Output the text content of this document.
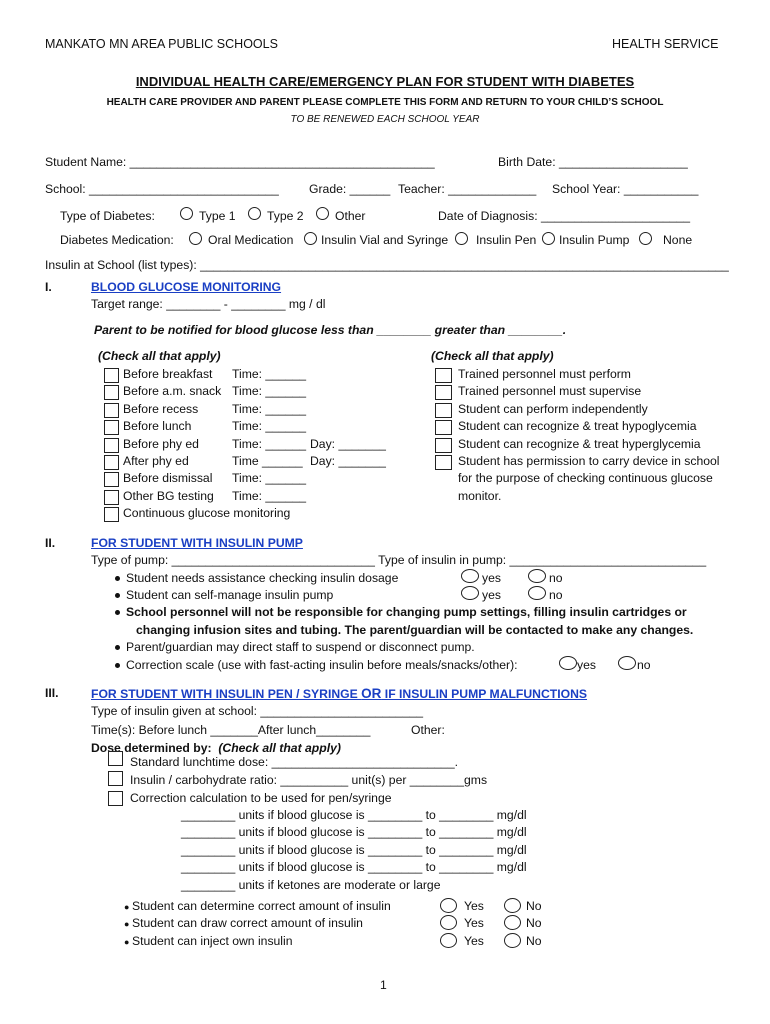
MANKATO MN AREA PUBLIC SCHOOLS	HEALTH SERVICE
INDIVIDUAL HEALTH CARE/EMERGENCY PLAN FOR STUDENT WITH DIABETES
HEALTH CARE PROVIDER AND PARENT PLEASE COMPLETE THIS FORM AND RETURN TO YOUR CHILD’S SCHOOL
TO BE RENEWED EACH SCHOOL YEAR
Student Name: _____________________________________________	Birth Date: ___________________
School: ____________________________ Grade: ______ Teacher: _____________ School Year: ___________
Type of Diabetes:	Type 1	Type 2	Other	Date of Diagnosis: ______________________
Diabetes Medication:	Oral Medication Insulin Vial and Syringe Insulin Pen Insulin Pump	None
Insulin at School (list types): ______________________________________________________________________________
I.	BLOOD GLUCOSE MONITORING
Target range: ________ - ________ mg / dl
Parent to be notified for blood glucose less than ________ greater than ________.
(Check all that apply)	(Check all that apply)
Before breakfast Time: ______
Before a.m. snack Time: ______
Before recess	Time: ______
Before lunch	Time: ______
Before phy ed	Time: ______ Day: _______
After phy ed	Time ______ Day: _______
Before dismissal Time: ______
Other BG testing Time: ______
Continuous glucose monitoring
Trained personnel must perform
Trained personnel must supervise
Student can perform independently
Student can recognize & treat hypoglycemia
Student can recognize & treat hyperglycemia
Student has permission to carry device in school
for the purpose of checking continuous glucose
monitor.
II.	FOR STUDENT WITH INSULIN PUMP
Type of pump: ______________________________ Type of insulin in pump: _____________________________
Student needs assistance checking insulin dosage	yes	no
Student can self-manage insulin pump	yes	no
School personnel will not be responsible for changing pump settings, filling insulin cartridges or
changing infusion sites and tubing. The parent/guardian will be contacted to make any changes.
Parent/guardian may direct staff to suspend or disconnect pump.
Correction scale (use with fast-acting insulin before meals/snacks/other):	yes	no
III.	FOR STUDENT WITH INSULIN PEN / SYRINGE OR IF INSULIN PUMP MALFUNCTIONS
Type of insulin given at school: ________________________
Time(s): Before lunch _______After lunch________	Other:
Dose determined by: (Check all that apply)
Standard lunchtime dose: ___________________________.
Insulin / carbohydrate ratio: __________ unit(s) per ________gms
Correction calculation to be used for pen/syringe
________ units if blood glucose is ________ to ________ mg/dl
________ units if blood glucose is ________ to ________ mg/dl
________ units if blood glucose is ________ to ________ mg/dl
________ units if blood glucose is ________ to ________ mg/dl
________ units if ketones are moderate or large
● Student can determine correct amount of insulin	Yes	No
● Student can draw correct amount of insulin	Yes	No
● Student can inject own insulin	Yes	No
1
